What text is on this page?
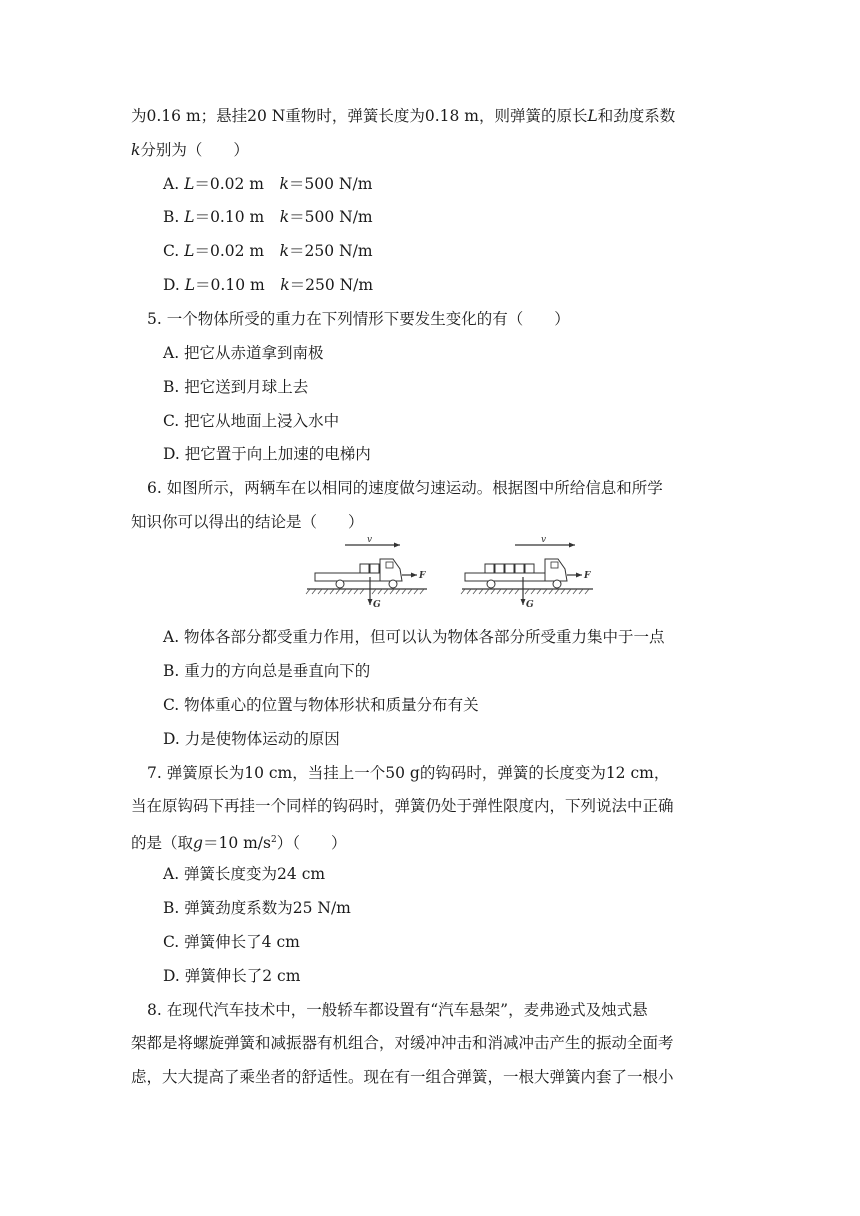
为0.16 m；悬挂20 N重物时，弹簧长度为0.18 m，则弹簧的原长L和劲度系数
k分别为（　　）
A. L＝0.02 m　 k＝500 N/m
B. L＝0.10 m　 k＝500 N/m
C. L＝0.02 m　 k＝250 N/m
D. L＝0.10 m　 k＝250 N/m
5. 一个物体所受的重力在下列情形下要发生变化的有（　　）
A. 把它从赤道拿到南极
B. 把它送到月球上去
C. 把它从地面上浸入水中
D. 把它置于向上加速的电梯内
6. 如图所示，两辆车在以相同的速度做匀速运动。根据图中所给信息和所学
知识你可以得出的结论是（　　）
v
F
G
v
F
G
A. 物体各部分都受重力作用，但可以认为物体各部分所受重力集中于一点
B. 重力的方向总是垂直向下的
C. 物体重心的位置与物体形状和质量分布有关
D. 力是使物体运动的原因
7. 弹簧原长为10 cm，当挂上一个50 g的钩码时，弹簧的长度变为12 cm，
当在原钩码下再挂一个同样的钩码时，弹簧仍处于弹性限度内，下列说法中正确
的是（取g＝10 $m/s^2$）（　　）
A. 弹簧长度变为24 cm
B. 弹簧劲度系数为25 N/m
C. 弹簧伸长了4 cm
D. 弹簧伸长了2 cm
8. 在现代汽车技术中，一般轿车都设置有“汽车悬架”，麦弗逊式及烛式悬
架都是将螺旋弹簧和减振器有机组合，对缓冲冲击和消减冲击产生的振动全面考
虑，大大提高了乘坐者的舒适性。现在有一组合弹簧，一根大弹簧内套了一根小
